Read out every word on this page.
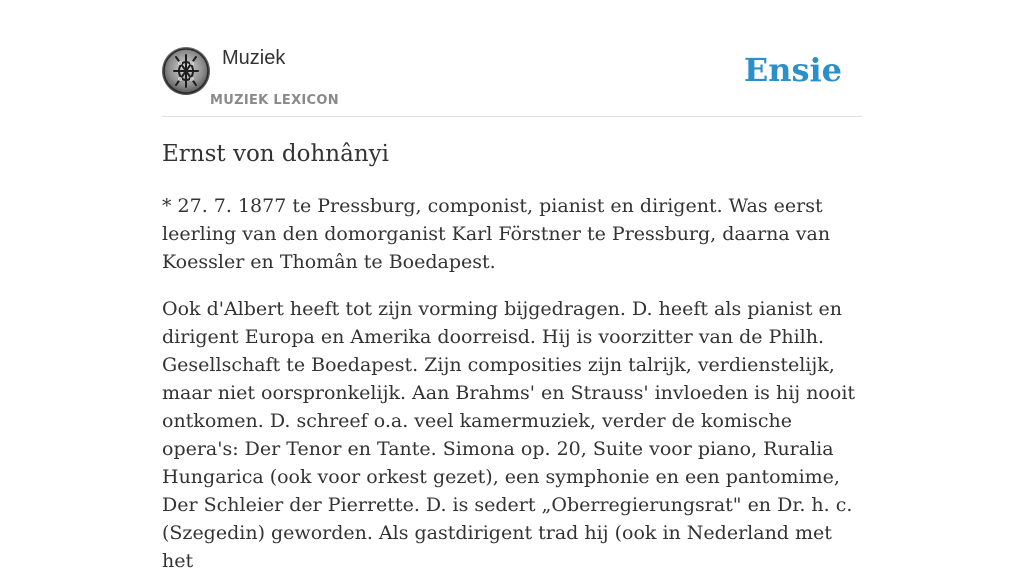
Muziek
MUZIEK LEXICON
Ensie
Ernst von dohnânyi

* 27. 7. 1877 te Pressburg, componist, pianist en dirigent. Was eerst leerling van den domorganist Karl Förstner te Pressburg, daarna van Koessler en Thomân te Boedapest.

Ook d'Albert heeft tot zijn vorming bijgedragen. D. heeft als pianist en dirigent Europa en Amerika doorreisd. Hij is voorzitter van de Philh. Gesellschaft te Boedapest. Zijn composities zijn talrijk, verdienstelijk, maar niet oorspronkelijk. Aan Brahms' en Strauss' invloeden is hij nooit ontkomen. D. schreef o.a. veel kamermuziek, verder de komische opera's: Der Tenor en Tante. Simona op. 20, Suite voor piano, Ruralia Hungarica (ook voor orkest gezet), een symphonie en een pantomime, Der Schleier der Pierrette. D. is sedert „Oberregierungsrat" en Dr. h. c. (Szegedin) geworden. Als gastdirigent trad hij (ook in Nederland met het
